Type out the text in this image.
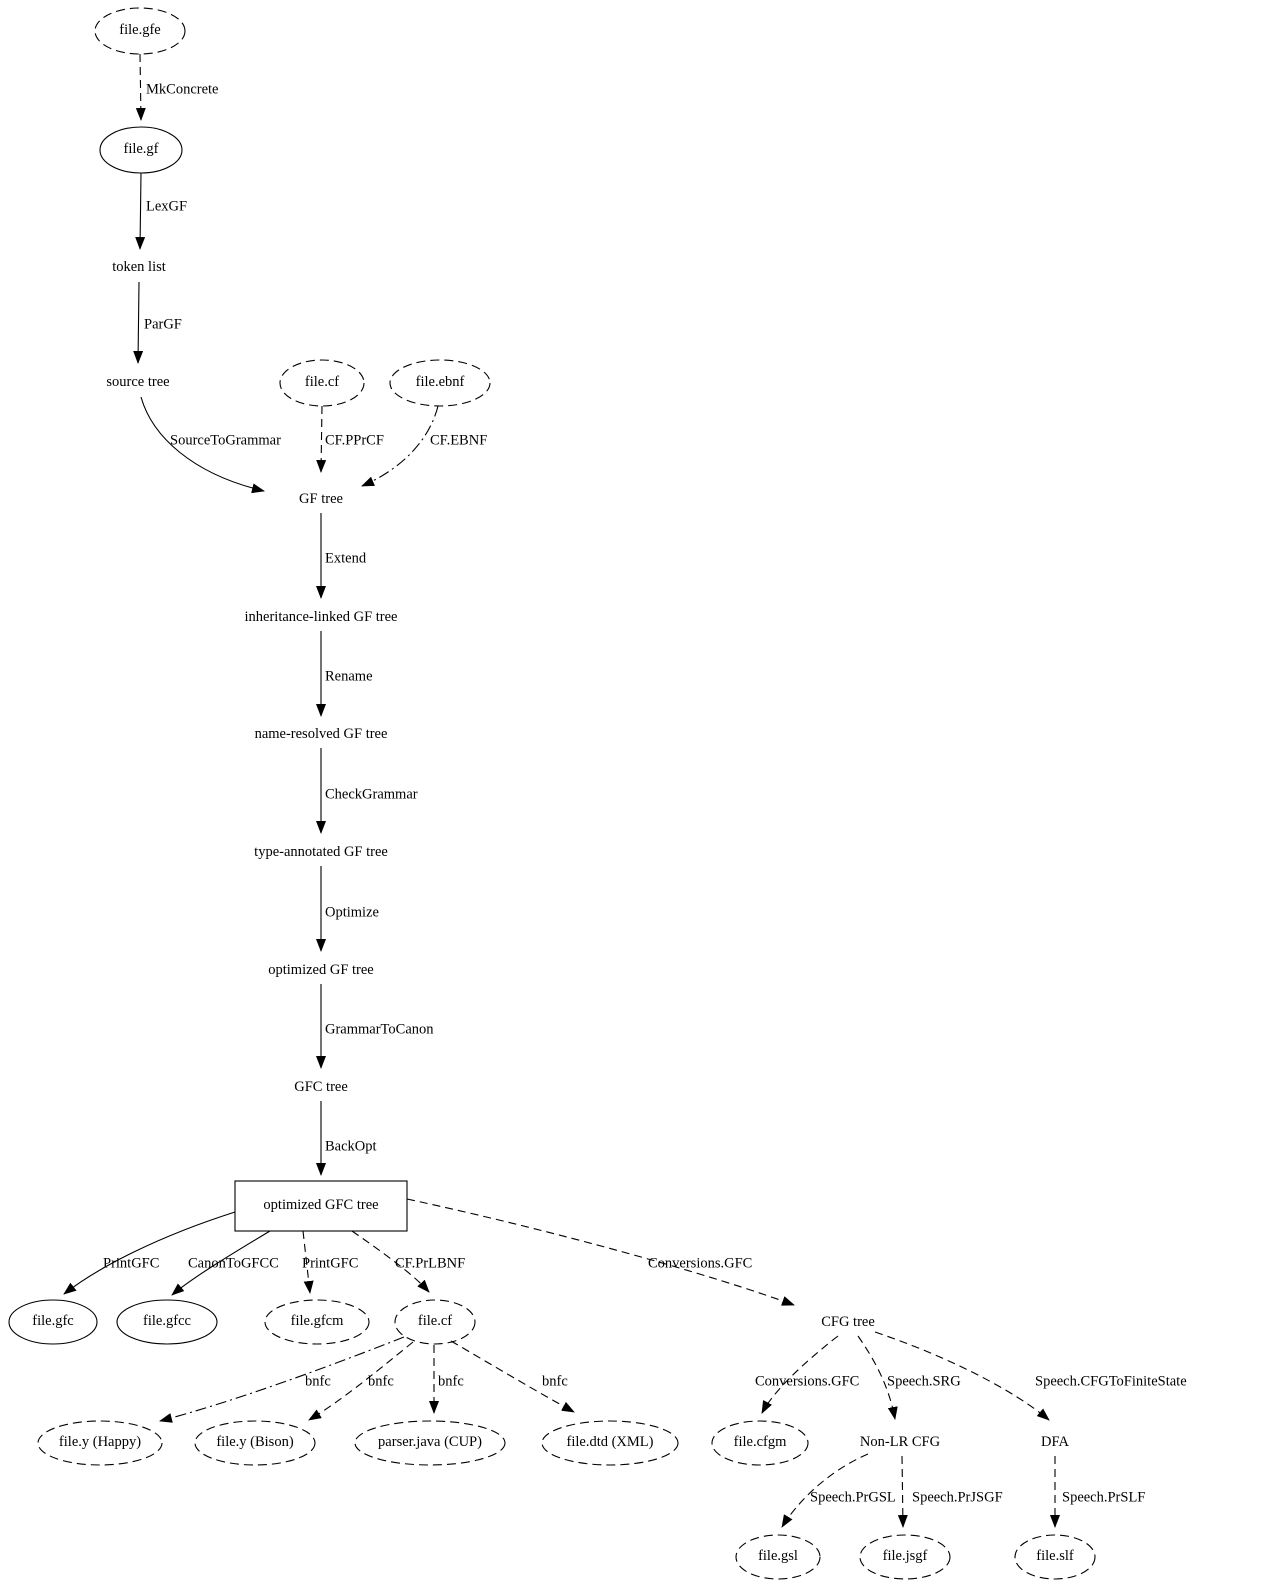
file.gfe
file.gf
token list
source tree	file.cf	file.ebnf
GF tree
inheritance-linked GF tree
name-resolved GF tree
type-annotated GF tree
optimized GF tree
GFC tree
optimized GFC tree
file.gfc	file.gfcc	file.gfcm	file.cf	CFG tree
file.y (Happy)	file.y (Bison)	parser.java (CUP)	file.dtd (XML)	file.cfgm	Non-LR CFG	DFA
file.gsl	file.jsgf	file.slf
MkConcrete
LexGF
ParGF
SourceToGrammar	CF.PPrCF	CF.EBNF
Extend
Rename
CheckGrammar
Optimize
GrammarToCanon
BackOpt
PrintGFC CanonToGFCC PrintGFC	CF.PrLBNF	Conversions.GFC
bnfc	bnfc	bnfc	bnfc	Conversions.GFC Speech.SRG	Speech.CFGToFiniteState
Speech.PrGSL Speech.PrJSGF	Speech.PrSLF
